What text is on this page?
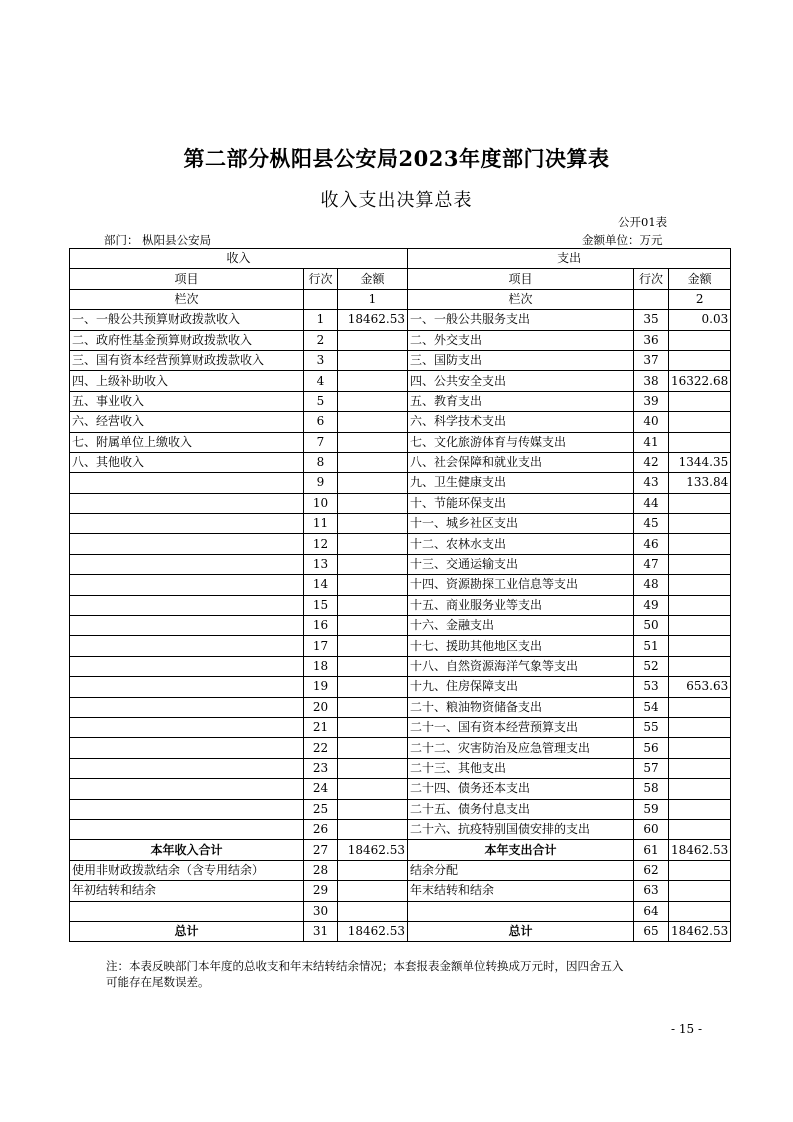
第二部分枞阳县公安局2023年度部门决算表
收入支出决算总表
公开01表
部门： 枞阳县公安局	金额单位：万元
收入			支出		
项目	行次	金额	项目	行次	金额
栏次		1	栏次		2
一、一般公共预算财政拨款收入	1	18462.53	一、一般公共服务支出	35	0.03
二、政府性基金预算财政拨款收入	2		二、外交支出	36	
三、国有资本经营预算财政拨款收入	3		三、国防支出	37	
四、上级补助收入	4		四、公共安全支出	38	16322.68
五、事业收入	5		五、教育支出	39	
六、经营收入	6		六、科学技术支出	40	
七、附属单位上缴收入	7		七、文化旅游体育与传媒支出	41	
八、其他收入	8		八、社会保障和就业支出	42	1344.35
	9		九、卫生健康支出	43	133.84
	10		十、节能环保支出	44	
	11		十一、城乡社区支出	45	
	12		十二、农林水支出	46	
	13		十三、交通运输支出	47	
	14		十四、资源勘探工业信息等支出	48	
	15		十五、商业服务业等支出	49	
	16		十六、金融支出	50	
	17		十七、援助其他地区支出	51	
	18		十八、自然资源海洋气象等支出	52	
	19		十九、住房保障支出	53	653.63
	20		二十、粮油物资储备支出	54	
	21		二十一、国有资本经营预算支出	55	
	22		二十二、灾害防治及应急管理支出	56	
	23		二十三、其他支出	57	
	24		二十四、债务还本支出	58	
	25		二十五、债务付息支出	59	
	26		二十六、抗疫特别国债安排的支出	60	
本年收入合计	27	18462.53	本年支出合计	61	18462.53
使用非财政拨款结余（含专用结余）	28		结余分配	62	
年初结转和结余	29		年末结转和结余	63	
	30			64	
总计	31	18462.53	总计	65	18462.53
注：本表反映部门本年度的总收支和年末结转结余情况；本套报表金额单位转换成万元时，因四舍五入
可能存在尾数误差。
- 15 -
